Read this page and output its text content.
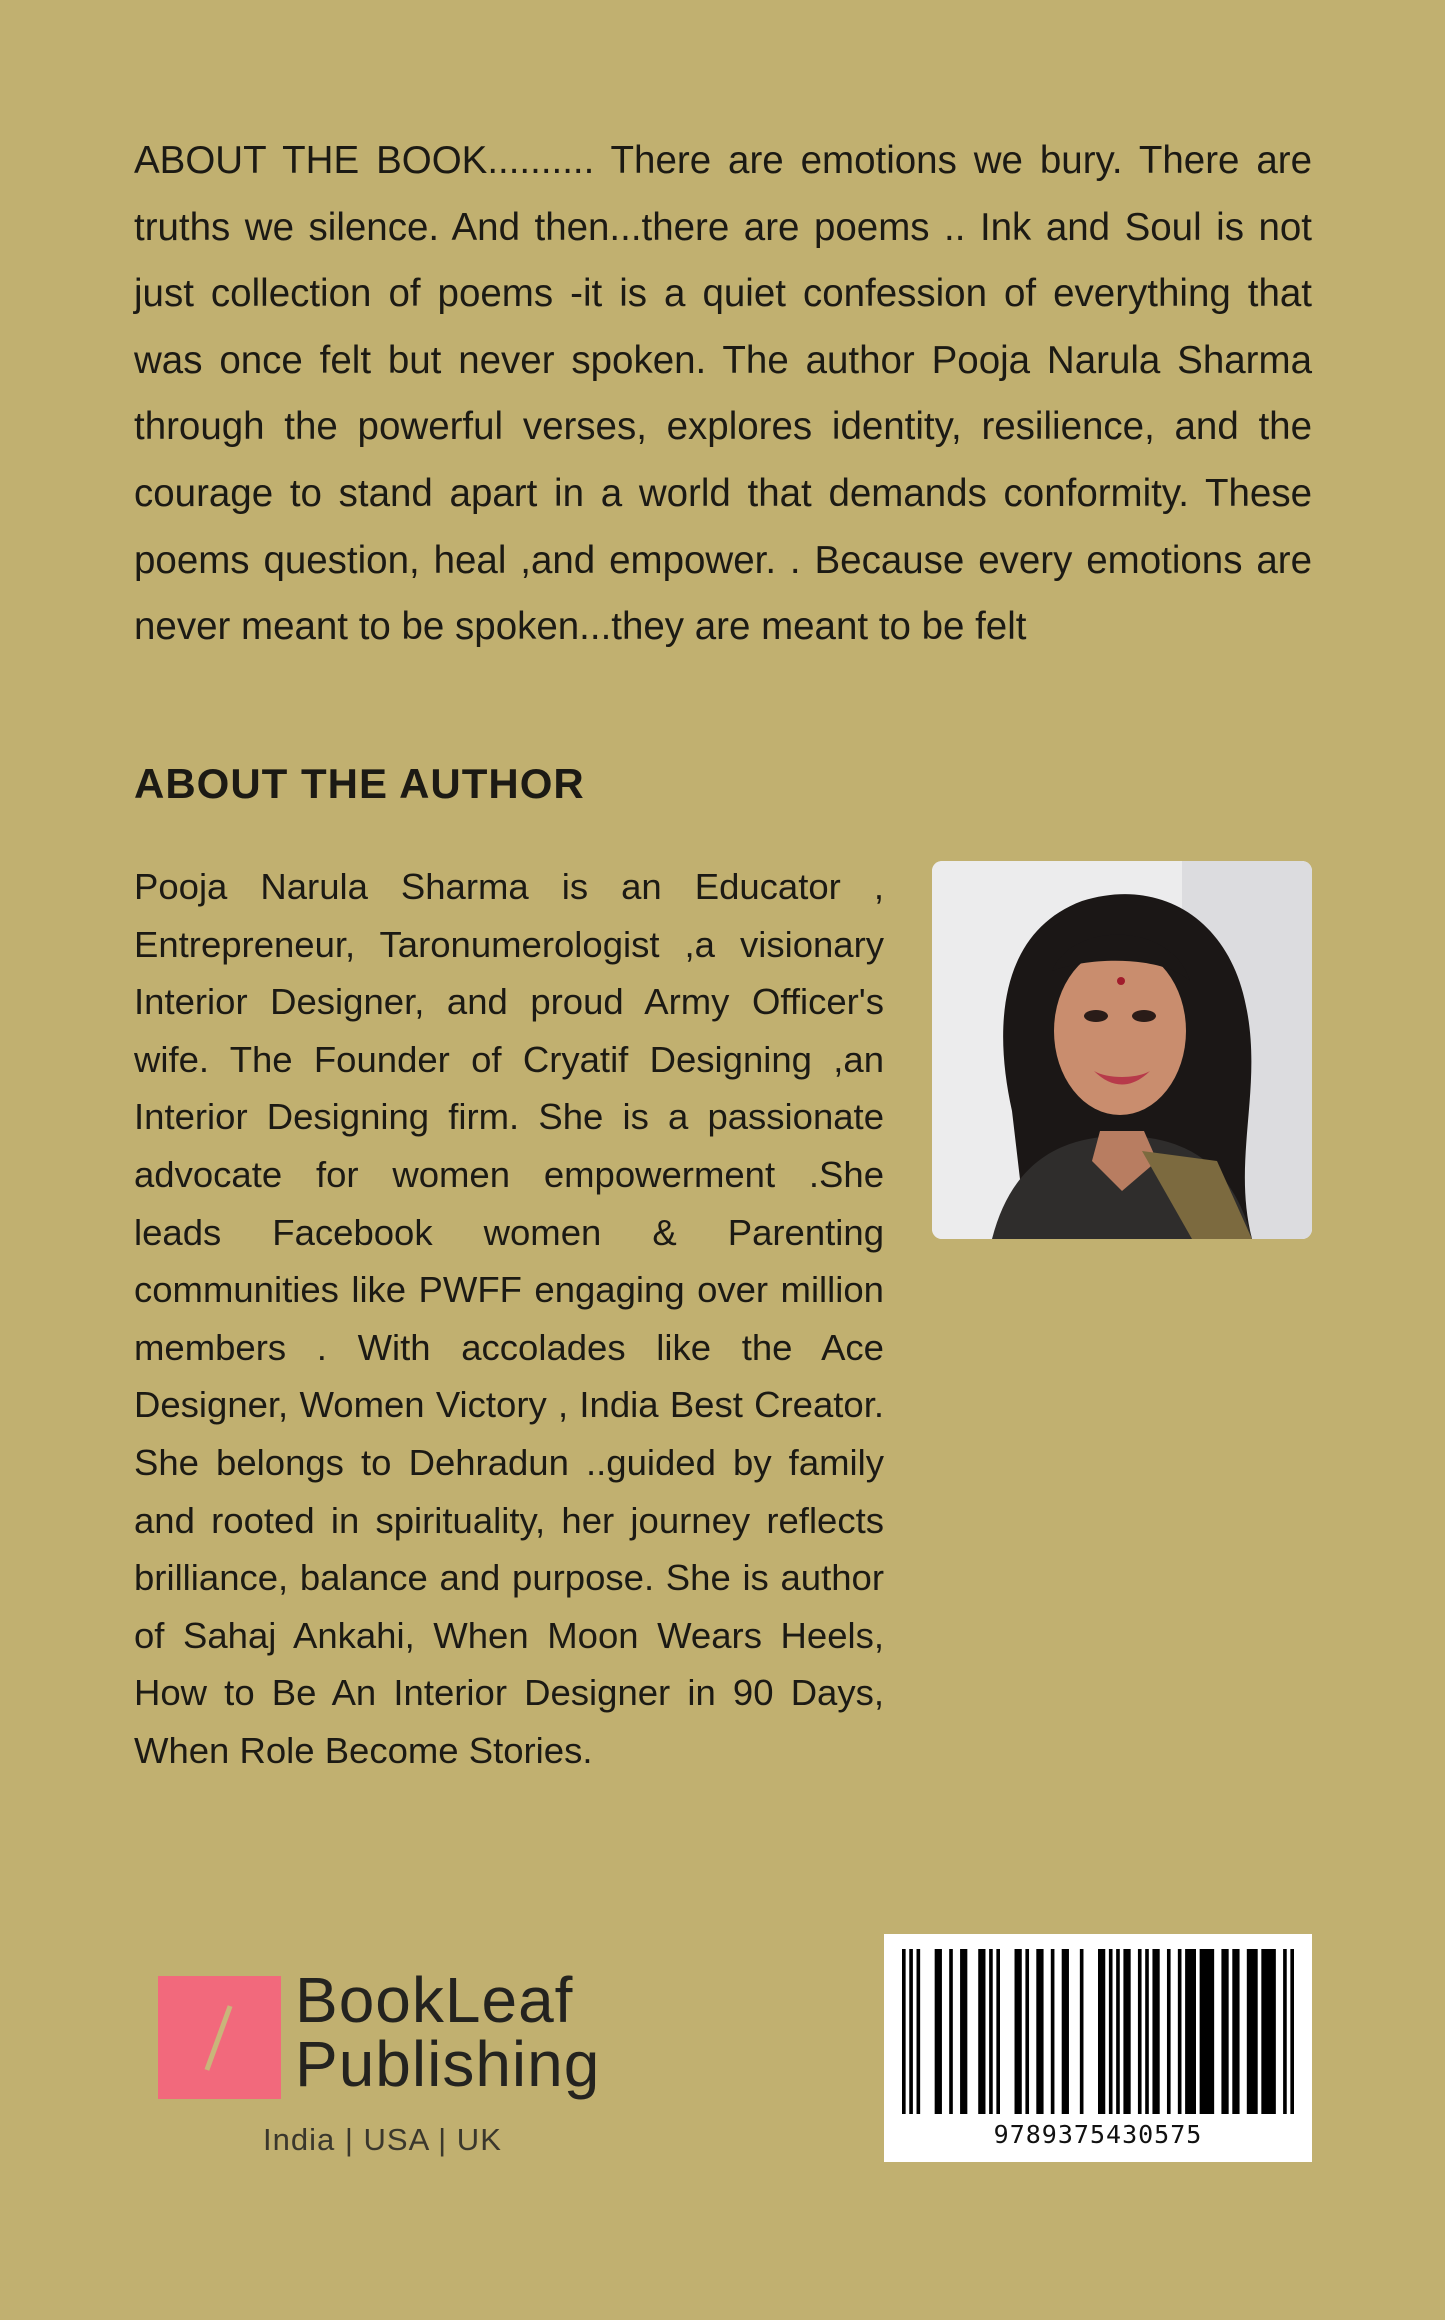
ABOUT THE BOOK.......... There are emotions we bury. There are truths we silence. And then...there are poems .. Ink and Soul is not just collection of poems -it is a quiet confession of everything that was once felt but never spoken. The author Pooja Narula Sharma through the powerful verses, explores identity, resilience, and the courage to stand apart in a world that demands conformity. These poems question, heal ,and empower. . Because every emotions are never meant to be spoken...they are meant to be felt

ABOUT THE AUTHOR

Pooja Narula Sharma is an Educator , Entrepreneur, Taronumerologist ,a visionary Interior Designer, and proud Army Officer's wife. The Founder of Cryatif Designing ,an Interior Designing firm. She is a passionate advocate for women empowerment .She leads Facebook women & Parenting communities like PWFF engaging over million members . With accolades like the Ace Designer, Women Victory , India Best Creator. She belongs to Dehradun ..guided by family and rooted in spirituality, her journey reflects brilliance, balance and purpose. She is author of Sahaj Ankahi, When Moon Wears Heels, How to Be An Interior Designer in 90 Days, When Role Become Stories.

BookLeaf
Publishing
India | USA | UK	9789375430575
